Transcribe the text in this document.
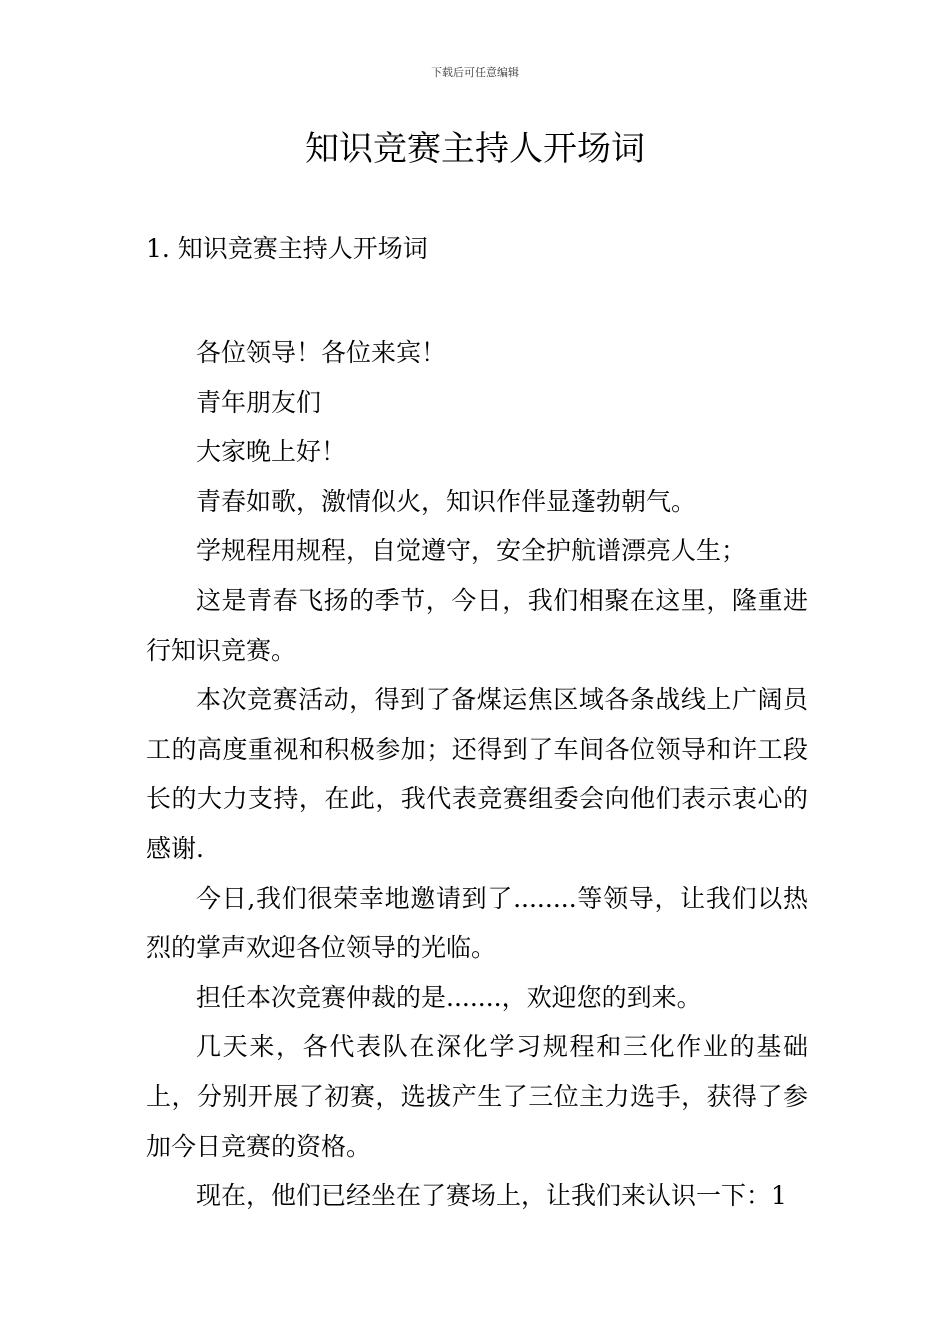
下载后可任意编辑
知识竞赛主持人开场词
1. 知识竞赛主持人开场词

各位领导！各位来宾！

青年朋友们

大家晚上好！

青春如歌，激情似火，知识作伴显蓬勃朝气。

学规程用规程，自觉遵守，安全护航谱漂亮人生；

这是青春飞扬的季节，今日，我们相聚在这里，隆重进行知识竞赛。

本次竞赛活动，得到了备煤运焦区域各条战线上广阔员工的高度重视和积极参加；还得到了车间各位领导和许工段长的大力支持，在此，我代表竞赛组委会向他们表示衷心的感谢.

今日,我们很荣幸地邀请到了........等领导，让我们以热烈的掌声欢迎各位领导的光临。

担任本次竞赛仲裁的是.......，欢迎您的到来。

几天来，各代表队在深化学习规程和三化作业的基础上，分别开展了初赛，选拔产生了三位主力选手，获得了参加今日竞赛的资格。

现在，他们已经坐在了赛场上，让我们来认识一下：1
